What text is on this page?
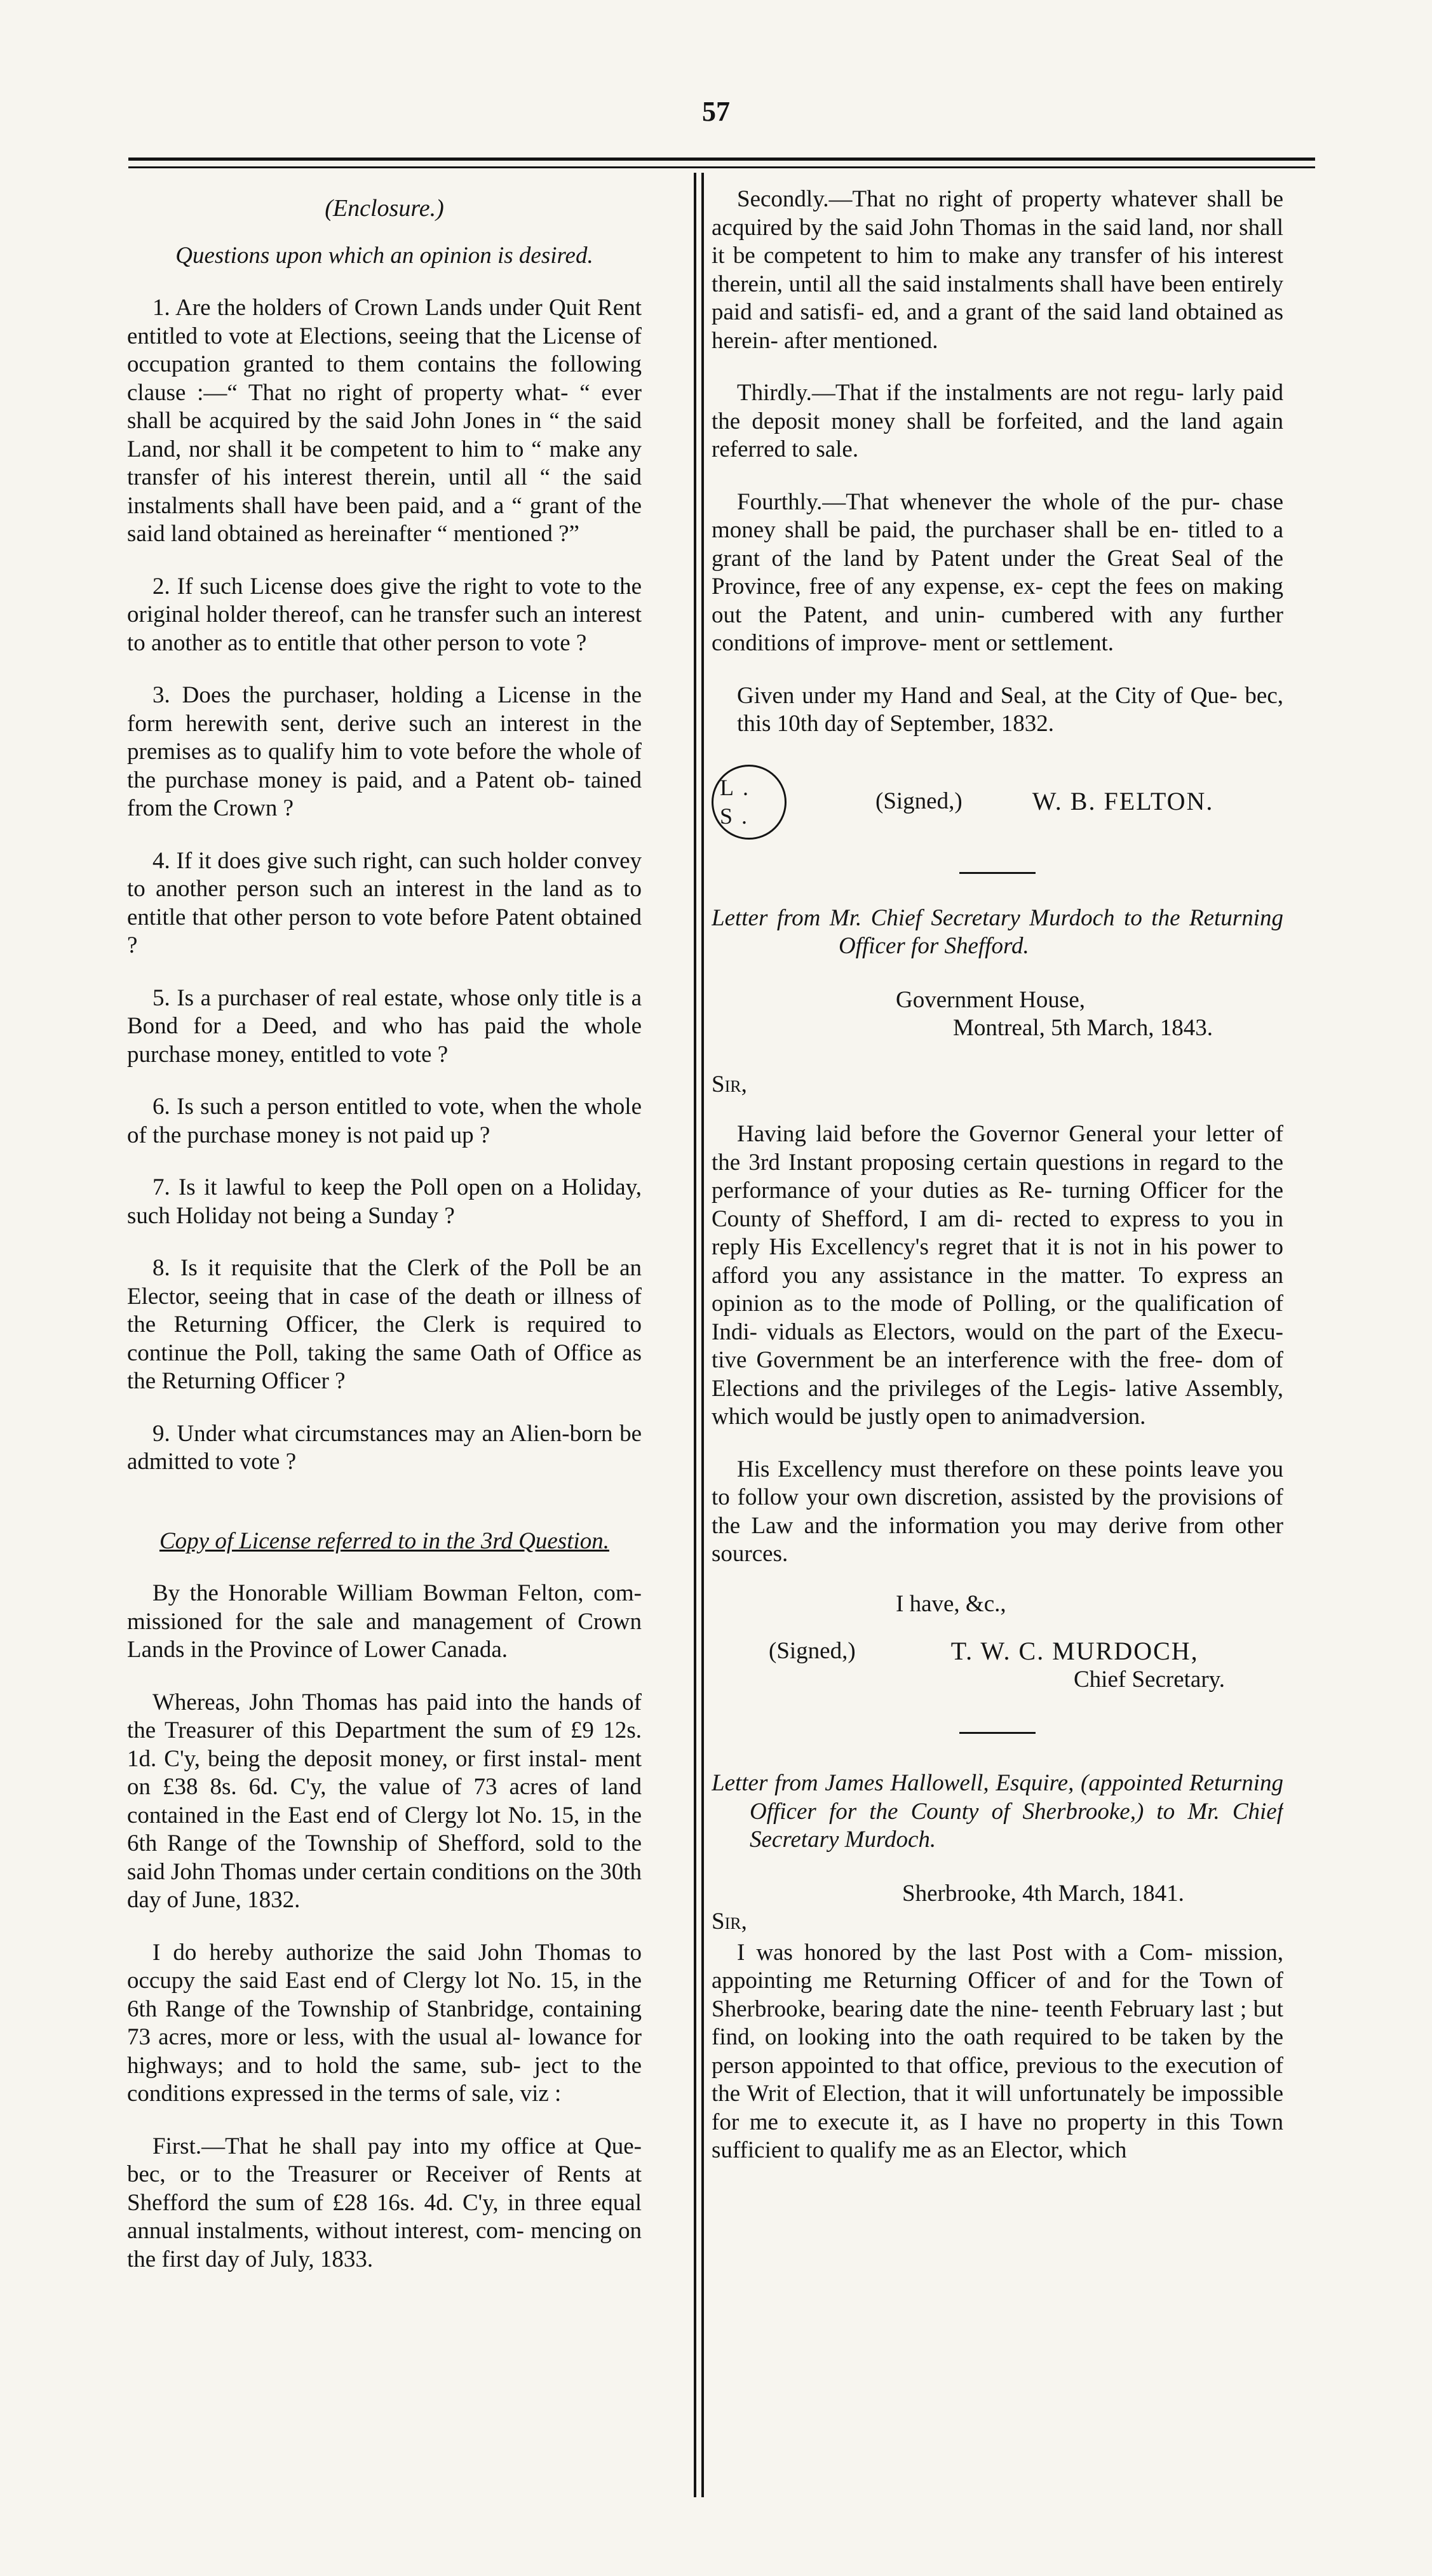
57

(Enclosure.)

Questions upon which an opinion is desired.

1. Are the holders of Crown Lands under Quit Rent entitled to vote at Elections, seeing that the License of occupation granted to them contains the following clause :—“ That no right of property what- “ ever shall be acquired by the said John Jones in “ the said Land, nor shall it be competent to him to “ make any transfer of his interest therein, until all “ the said instalments shall have been paid, and a “ grant of the said land obtained as hereinafter “ mentioned ?”

2. If such License does give the right to vote to the original holder thereof, can he transfer such an interest to another as to entitle that other person to vote ?

3. Does the purchaser, holding a License in the form herewith sent, derive such an interest in the premises as to qualify him to vote before the whole of the purchase money is paid, and a Patent ob- tained from the Crown ?

4. If it does give such right, can such holder convey to another person such an interest in the land as to entitle that other person to vote before Patent obtained ?

5. Is a purchaser of real estate, whose only title is a Bond for a Deed, and who has paid the whole purchase money, entitled to vote ?

6. Is such a person entitled to vote, when the whole of the purchase money is not paid up ?

7. Is it lawful to keep the Poll open on a Holiday, such Holiday not being a Sunday ?

8. Is it requisite that the Clerk of the Poll be an Elector, seeing that in case of the death or illness of the Returning Officer, the Clerk is required to continue the Poll, taking the same Oath of Office as the Returning Officer ?

9. Under what circumstances may an Alien-born be admitted to vote ?

Copy of License referred to in the 3rd Question.

By the Honorable William Bowman Felton, com- missioned for the sale and management of Crown Lands in the Province of Lower Canada.

Whereas, John Thomas has paid into the hands of the Treasurer of this Department the sum of £9 12s. 1d. C'y, being the deposit money, or first instal- ment on £38 8s. 6d. C'y, the value of 73 acres of land contained in the East end of Clergy lot No. 15, in the 6th Range of the Township of Shefford, sold to the said John Thomas under certain conditions on the 30th day of June, 1832.

I do hereby authorize the said John Thomas to occupy the said East end of Clergy lot No. 15, in the 6th Range of the Township of Stanbridge, containing 73 acres, more or less, with the usual al- lowance for highways; and to hold the same, sub- ject to the conditions expressed in the terms of sale, viz :

First.—That he shall pay into my office at Que- bec, or to the Treasurer or Receiver of Rents at Shefford the sum of £28 16s. 4d. C'y, in three equal annual instalments, without interest, com- mencing on the first day of July, 1833.

Secondly.—That no right of property whatever shall be acquired by the said John Thomas in the said land, nor shall it be competent to him to make any transfer of his interest therein, until all the said instalments shall have been entirely paid and satisfi- ed, and a grant of the said land obtained as herein- after mentioned.

Thirdly.—That if the instalments are not regu- larly paid the deposit money shall be forfeited, and the land again referred to sale.

Fourthly.—That whenever the whole of the pur- chase money shall be paid, the purchaser shall be en- titled to a grant of the land by Patent under the Great Seal of the Province, free of any expense, ex- cept the fees on making out the Patent, and unin- cumbered with any further conditions of improve- ment or settlement.

Given under my Hand and Seal, at the City of Que- bec, this 10th day of September, 1832.

L. S.
(Signed,)	W. B. FELTON.

Letter from Mr. Chief Secretary Murdoch to the Returning Officer for Shefford.

Government House,

Montreal, 5th March, 1843.

Sir,

Having laid before the Governor General your letter of the 3rd Instant proposing certain questions in regard to the performance of your duties as Re- turning Officer for the County of Shefford, I am di- rected to express to you in reply His Excellency's regret that it is not in his power to afford you any assistance in the matter. To express an opinion as to the mode of Polling, or the qualification of Indi- viduals as Electors, would on the part of the Execu- tive Government be an interference with the free- dom of Elections and the privileges of the Legis- lative Assembly, which would be justly open to animadversion.

His Excellency must therefore on these points leave you to follow your own discretion, assisted by the provisions of the Law and the information you may derive from other sources.

I have, &c.,

(Signed,)	T. W. C. MURDOCH,

Chief Secretary.

Letter from James Hallowell, Esquire, (appointed Returning Officer for the County of Sherbrooke,) to Mr. Chief Secretary Murdoch.

Sherbrooke, 4th March, 1841.

Sir,

I was honored by the last Post with a Com- mission, appointing me Returning Officer of and for the Town of Sherbrooke, bearing date the nine- teenth February last ; but find, on looking into the oath required to be taken by the person appointed to that office, previous to the execution of the Writ of Election, that it will unfortunately be impossible for me to execute it, as I have no property in this Town sufficient to qualify me as an Elector, which
